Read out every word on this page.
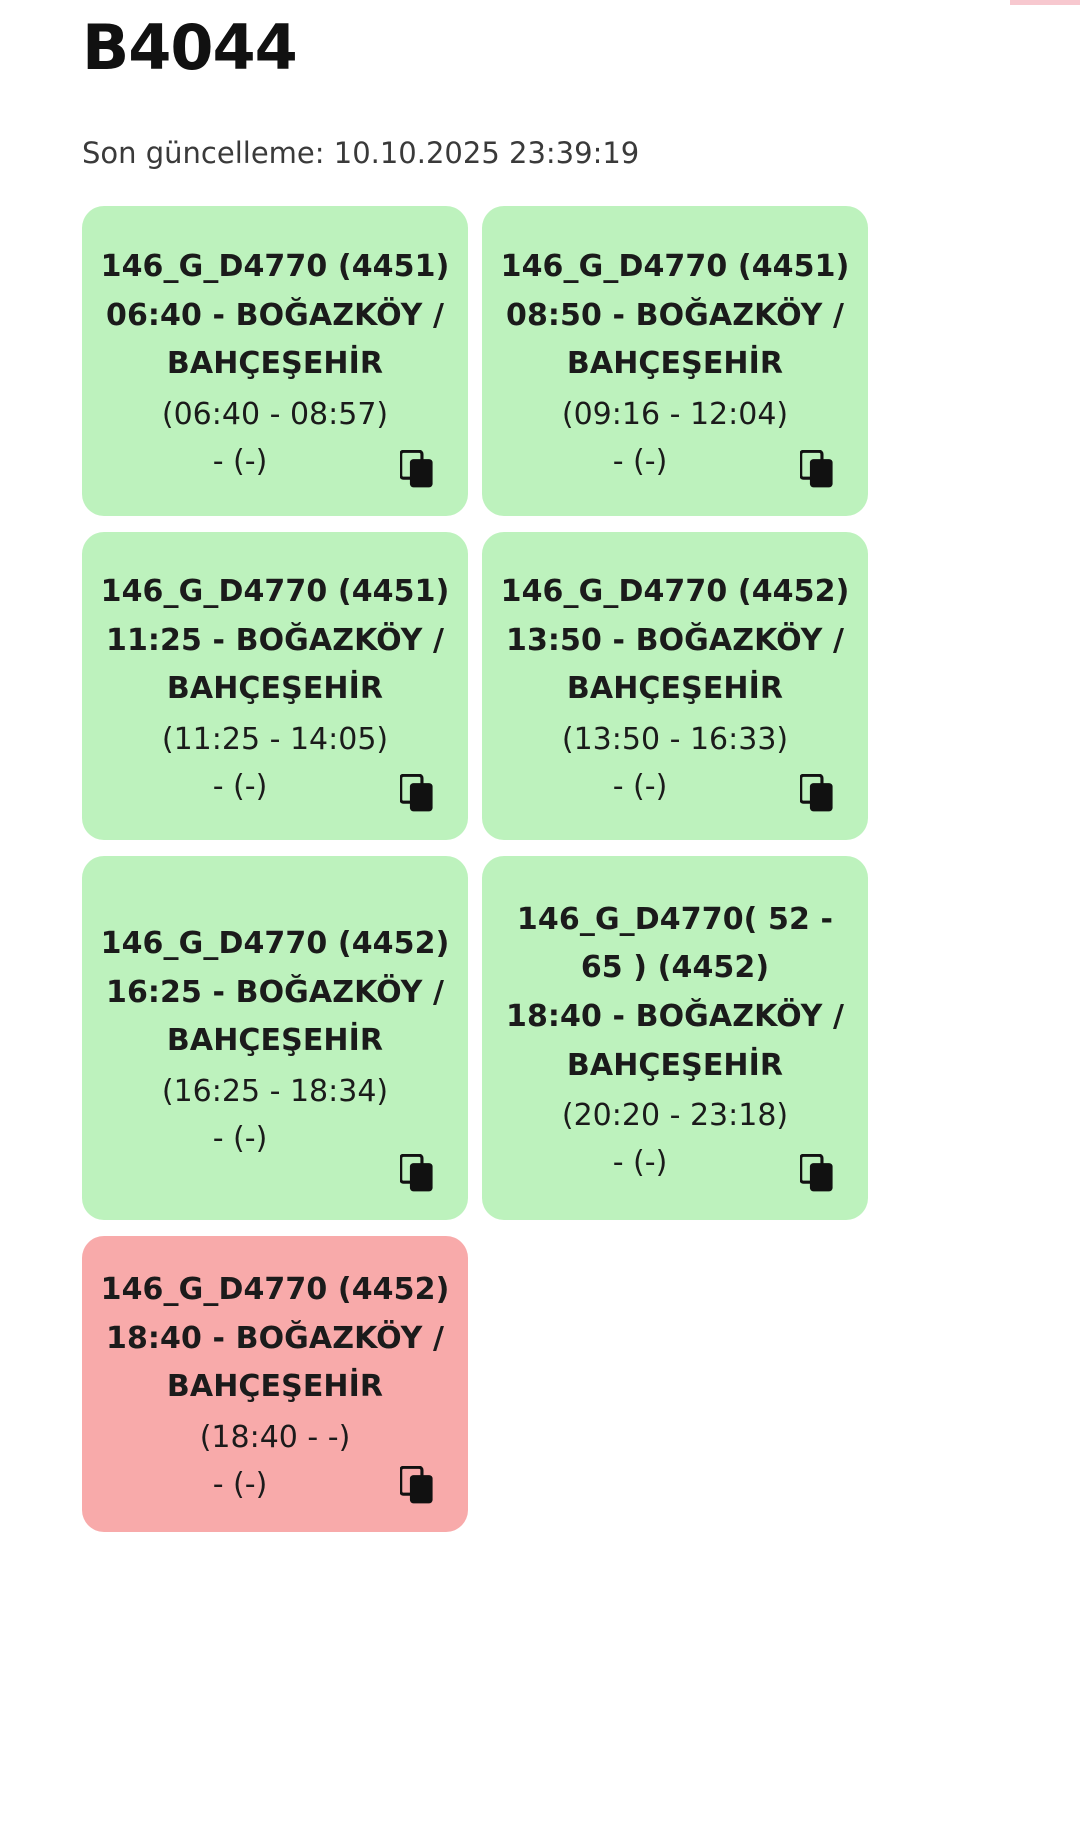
B4044
Son güncelleme: 10.10.2025 23:39:19
146_G_D4770 (4451)
06:40 - BOĞAZKÖY / BAHÇEŞEHİR
(06:40 - 08:57)
- (-)
146_G_D4770 (4451)
08:50 - BOĞAZKÖY / BAHÇEŞEHİR
(09:16 - 12:04)
- (-)
146_G_D4770 (4451)
11:25 - BOĞAZKÖY / BAHÇEŞEHİR
(11:25 - 14:05)
- (-)
146_G_D4770 (4452)
13:50 - BOĞAZKÖY / BAHÇEŞEHİR
(13:50 - 16:33)
- (-)
146_G_D4770 (4452)
16:25 - BOĞAZKÖY / BAHÇEŞEHİR
(16:25 - 18:34)
- (-)
146_G_D4770( 52 - 65 ) (4452)
18:40 - BOĞAZKÖY / BAHÇEŞEHİR
(20:20 - 23:18)
- (-)
146_G_D4770 (4452)
18:40 - BOĞAZKÖY / BAHÇEŞEHİR
(18:40 - -)
- (-)
